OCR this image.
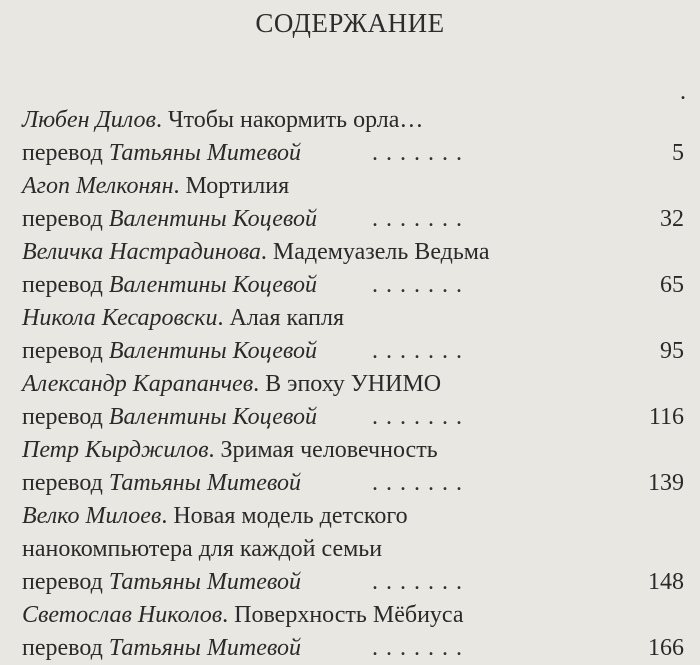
СОДЕРЖАНИЕ
.
Любен Дилов. Чтобы накормить орла…
перевод Татьяны Митевой	.......	5
Агоп Мелконян. Мортилия
перевод Валентины Коцевой .......	32
Величка Настрадинова. Мадемуазель Ведьма
перевод Валентины Коцевой .......	65
Никола Кесаровски. Алая капля
перевод Валентины Коцевой .......	95
Александр Карапанчев. В эпоху УНИМО
перевод Валентины Коцевой .......	116
Петр Кырджилов. Зримая человечность
перевод Татьяны Митевой	.......	139
Велко Милоев. Новая модель детского
нанокомпьютера для каждой семьи
перевод Татьяны Митевой	.......	148
Светослав Николов. Поверхность Мёбиуса
перевод Татьяны Митевой	.......	166
